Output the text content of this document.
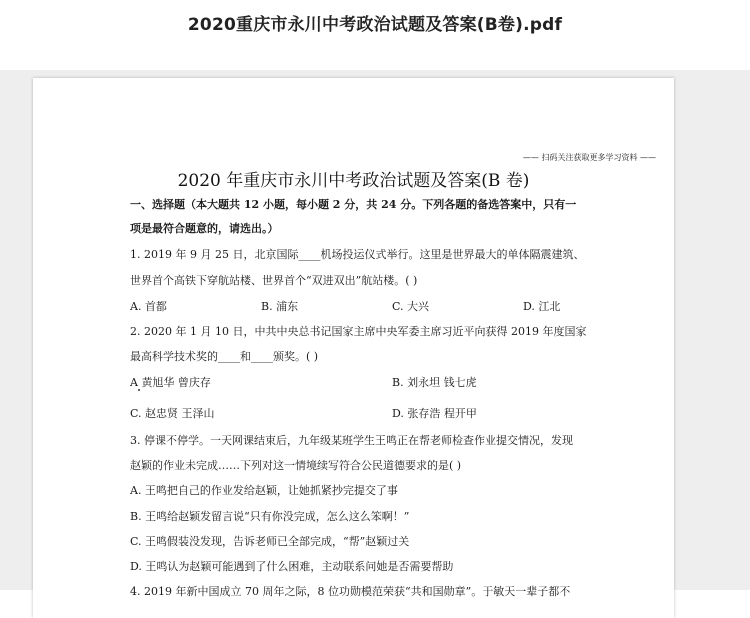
2020重庆市永川中考政治试题及答案(B卷).pdf
—— 扫码关注获取更多学习资料 ——
2020 年重庆市永川中考政治试题及答案(B 卷)
一、选择题（本大题共 12 小题，每小题 2 分，共 24 分。下列各题的备选答案中，只有一
项是最符合题意的，请选出。）
1. 2019 年 9 月 25 日，北京国际____机场投运仪式举行。这里是世界最大的单体隔震建筑、
世界首个高铁下穿航站楼、世界首个“双进双出”航站楼。( )
A. 首都	B. 浦东	C. 大兴	D. 江北
2. 2020 年 1 月 10 日，中共中央总书记国家主席中央军委主席习近平向获得 2019 年度国家
最高科学技术奖的____和____颁奖。( )
A 黄旭华 曾庆存	B. 刘永坦 钱七虎
C. 赵忠贤 王泽山	D. 张存浩 程开甲
3. 停课不停学。一天网课结束后，九年级某班学生王鸣正在帮老师检查作业提交情况，发现
赵颖的作业未完成……下列对这一情境续写符合公民道德要求的是( )
A. 王鸣把自己的作业发给赵颖，让她抓紧抄完提交了事
B. 王鸣给赵颖发留言说“只有你没完成，怎么这么笨啊！”
C. 王鸣假装没发现，告诉老师已全部完成，“帮”赵颖过关
D. 王鸣认为赵颖可能遇到了什么困难，主动联系问她是否需要帮助
4. 2019 年新中国成立 70 周年之际，8 位功勋模范荣获“共和国勋章”。于敏天一辈子都不
